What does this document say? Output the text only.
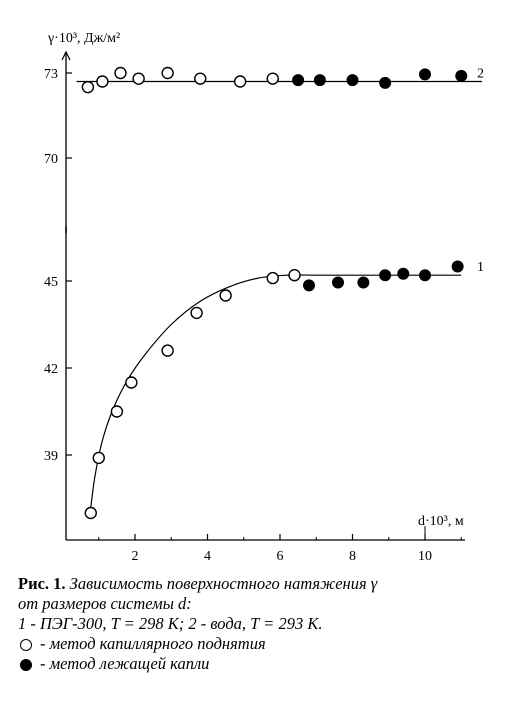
39
42
45
70
73
2	4	6	8	10
2
1
γ·10³, Дж/м²
d·10³, м
Рис. 1. Зависимость поверхностного натяжения γ
от размеров системы d:
1 - ПЭГ-300, T = 298 K; 2 - вода, T = 293 K.
- метод капиллярного поднятия
- метод лежащей капли
